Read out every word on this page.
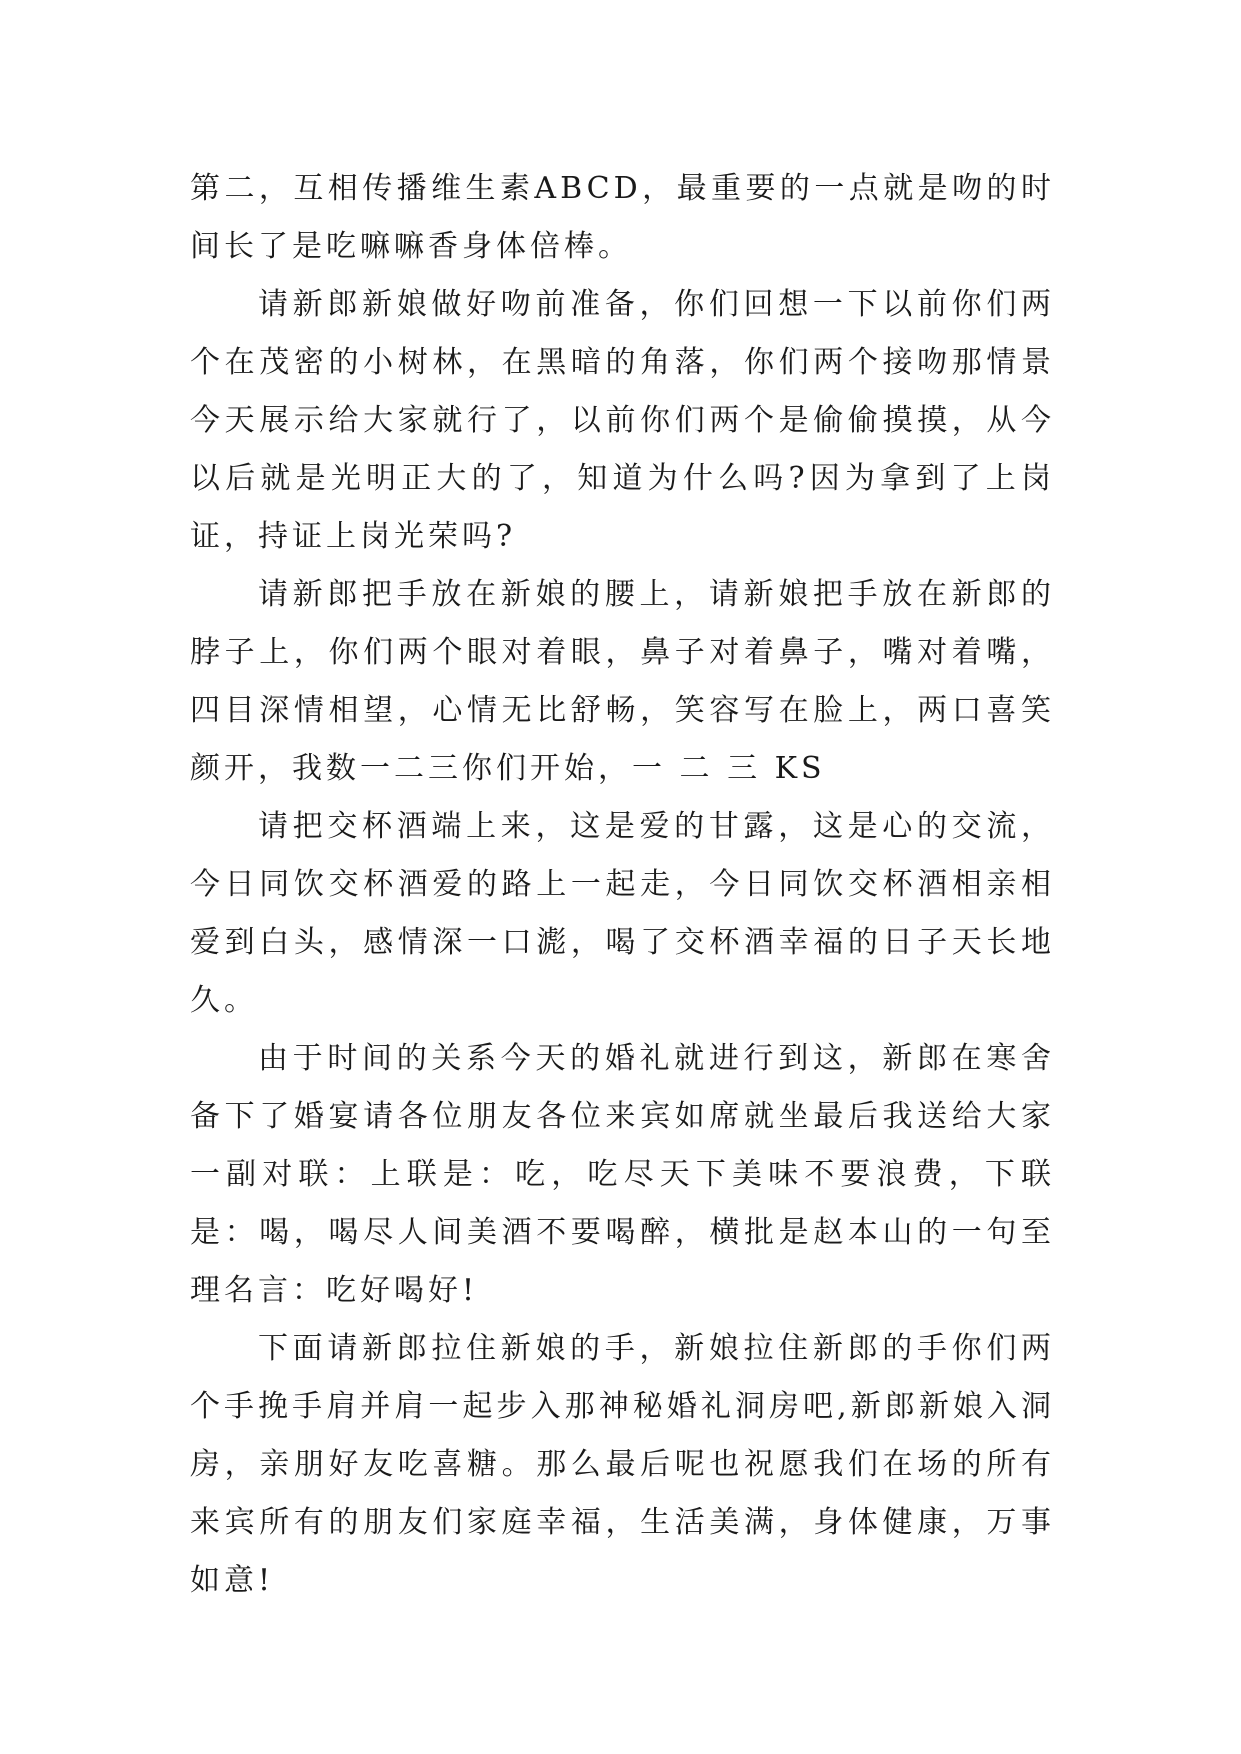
第二，互相传播维生素ABCD，最重要的一点就是吻的时间长了是吃嘛嘛香身体倍棒。

请新郎新娘做好吻前准备，你们回想一下以前你们两个在茂密的小树林，在黑暗的角落，你们两个接吻那情景今天展示给大家就行了，以前你们两个是偷偷摸摸，从今以后就是光明正大的了，知道为什么吗?因为拿到了上岗证，持证上岗光荣吗?

请新郎把手放在新娘的腰上，请新娘把手放在新郎的脖子上，你们两个眼对着眼，鼻子对着鼻子，嘴对着嘴，四目深情相望，心情无比舒畅，笑容写在脸上，两口喜笑颜开，我数一二三你们开始，一 二 三 KS

请把交杯酒端上来，这是爱的甘露，这是心的交流，今日同饮交杯酒爱的路上一起走，今日同饮交杯酒相亲相爱到白头，感情深一口滮，喝了交杯酒幸福的日子天长地久。

由于时间的关系今天的婚礼就进行到这，新郎在寒舍备下了婚宴请各位朋友各位来宾如席就坐最后我送给大家一副对联：上联是：吃，吃尽天下美味不要浪费，下联是：喝，喝尽人间美酒不要喝醉，横批是赵本山的一句至理名言：吃好喝好!

下面请新郎拉住新娘的手，新娘拉住新郎的手你们两个手挽手肩并肩一起步入那神秘婚礼洞房吧,新郎新娘入洞房，亲朋好友吃喜糖。那么最后呢也祝愿我们在场的所有来宾所有的朋友们家庭幸福，生活美满，身体健康，万事如意!
